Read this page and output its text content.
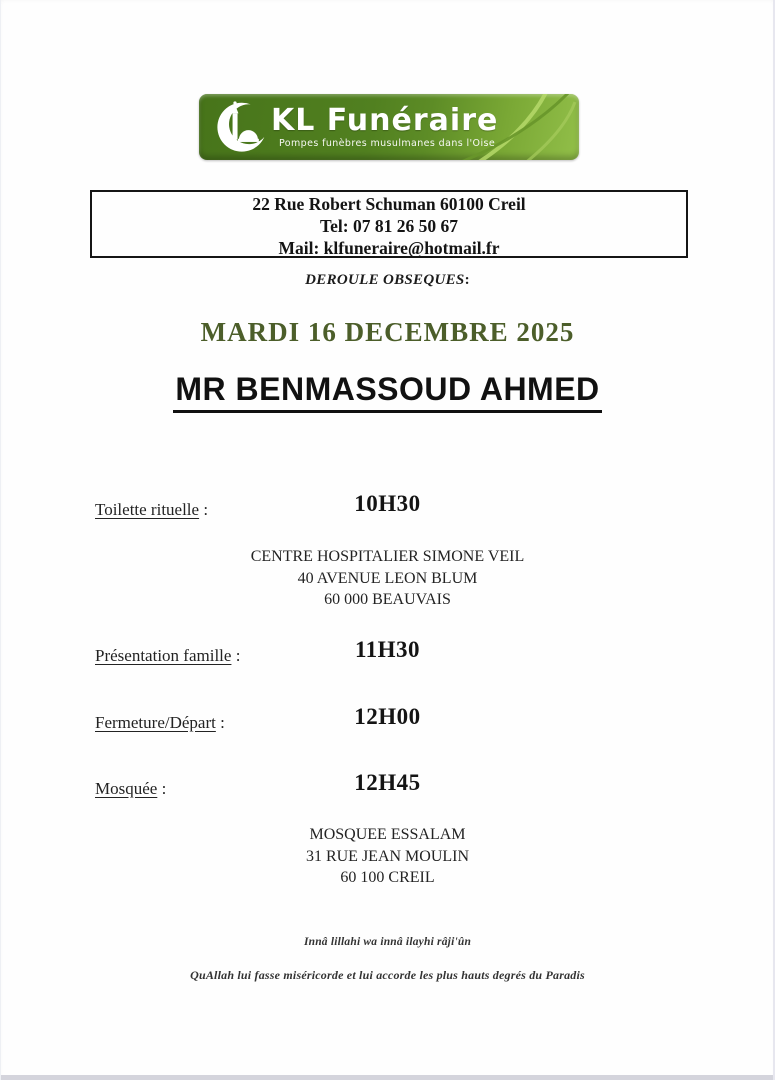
KL Funéraire
Pompes funèbres musulmanes dans l'Oise
22 Rue Robert Schuman 60100 Creil
Tel: 07 81 26 50 67
Mail: klfuneraire@hotmail.fr
DEROULE OBSEQUES:
MARDI 16 DECEMBRE 2025
MR BENMASSOUD AHMED
Toilette rituelle :	10H30
CENTRE HOSPITALIER SIMONE VEIL
40 AVENUE LEON BLUM
60 000 BEAUVAIS
Présentation famille :	11H30
Fermeture/Départ :	12H00
Mosquée :	12H45
MOSQUEE ESSALAM
31 RUE JEAN MOULIN
60 100 CREIL
Innâ lillahi wa innâ ilayhi râji'ûn
QuAllah lui fasse miséricorde et lui accorde les plus hauts degrés du Paradis
